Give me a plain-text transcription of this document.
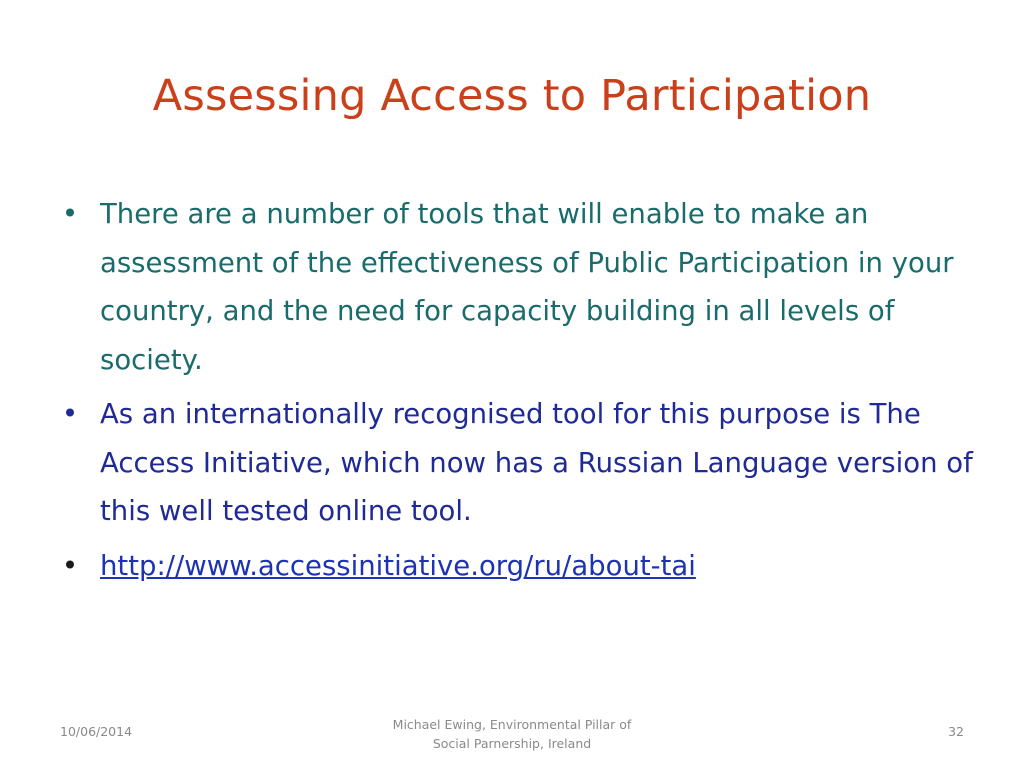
Assessing Access to Participation
• There are a number of tools that will enable to make an assessment of the effectiveness of Public Participation in your country, and the need for capacity building in all levels of society.
• As an internationally recognised tool for this purpose is The Access Initiative, which now has a Russian Language version of this well tested online tool.
• http://www.accessinitiative.org/ru/about-tai
10/06/2014	Michael Ewing, Environmental Pillar of
Social Parnership, Ireland
32
